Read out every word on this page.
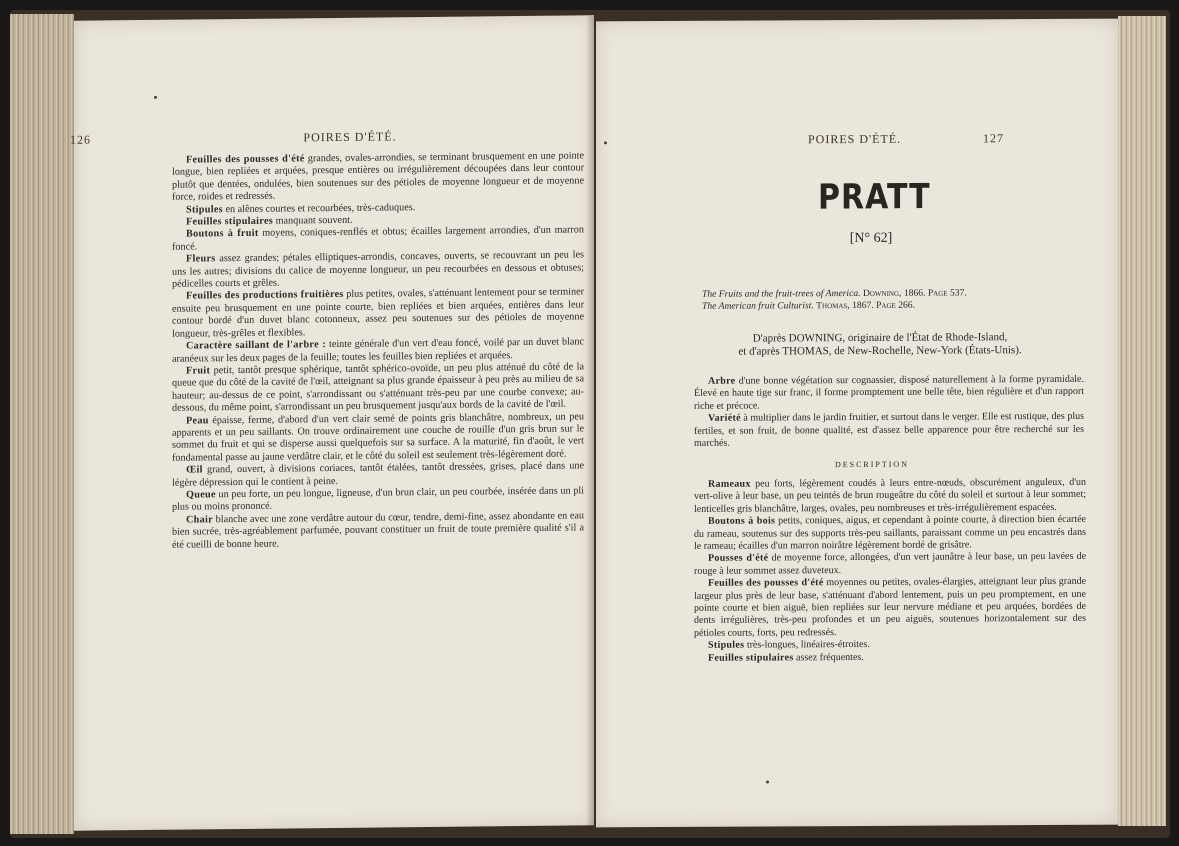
126	POIRES D'ÉTÉ.

Feuilles des pousses d'été grandes, ovales-arrondies, se terminant brusquement en une pointe longue, bien repliées et arquées, presque entières ou irrégulièrement découpées dans leur contour plutôt que dentées, ondulées, bien soutenues sur des pétioles de moyenne longueur et de moyenne force, roides et redressés.

Stipules en alênes courtes et recourbées, très-caduques.

Feuilles stipulaires manquant souvent.

Boutons à fruit moyens, coniques-renflés et obtus; écailles largement arrondies, d'un marron foncé.

Fleurs assez grandes; pétales elliptiques-arrondis, concaves, ouverts, se recouvrant un peu les uns les autres; divisions du calice de moyenne longueur, un peu recourbées en dessous et obtuses; pédicelles courts et grêles.

Feuilles des productions fruitières plus petites, ovales, s'atténuant lentement pour se terminer ensuite peu brusquement en une pointe courte, bien repliées et bien arquées, entières dans leur contour bordé d'un duvet blanc cotonneux, assez peu soutenues sur des pétioles de moyenne longueur, très-grêles et flexibles.

Caractère saillant de l'arbre : teinte générale d'un vert d'eau foncé, voilé par un duvet blanc aranéeux sur les deux pages de la feuille; toutes les feuilles bien repliées et arquées.

Fruit petit, tantôt presque sphérique, tantôt sphérico-ovoïde, un peu plus atténué du côté de la queue que du côté de la cavité de l'œil, atteignant sa plus grande épaisseur à peu près au milieu de sa hauteur; au-dessus de ce point, s'arrondissant ou s'atténuant très-peu par une courbe convexe; au-dessous, du même point, s'arrondissant un peu brusquement jusqu'aux bords de la cavité de l'œil.

Peau épaisse, ferme, d'abord d'un vert clair semé de points gris blanchâtre, nombreux, un peu apparents et un peu saillants. On trouve ordinairement une couche de rouille d'un gris brun sur le sommet du fruit et qui se disperse aussi quelquefois sur sa surface. A la maturité, fin d'août, le vert fondamental passe au jaune verdâtre clair, et le côté du soleil est seulement très-légèrement doré.

Œil grand, ouvert, à divisions coriaces, tantôt étalées, tantôt dressées, grises, placé dans une légère dépression qui le contient à peine.

Queue un peu forte, un peu longue, ligneuse, d'un brun clair, un peu courbée, insérée dans un pli plus ou moins prononcé.

Chair blanche avec une zone verdâtre autour du cœur, tendre, demi-fine, assez abondante en eau bien sucrée, très-agréablement parfumée, pouvant constituer un fruit de toute première qualité s'il a été cueilli de bonne heure.

POIRES D'ÉTÉ.	127
PRATT
[N° 62]
The Fruits and the fruit-trees of America. Downing, 1866. Page 537.
The American fruit Culturist. Thomas, 1867. Page 266.
D'après DOWNING, originaire de l'État de Rhode-Island,
et d'après THOMAS, de New-Rochelle, New-York (États-Unis).

Arbre d'une bonne végétation sur cognassier, disposé naturellement à la forme pyramidale. Élevé en haute tige sur franc, il forme promptement une belle tête, bien régulière et d'un rapport riche et précoce.

Variété à multiplier dans le jardin fruitier, et surtout dans le verger. Elle est rustique, des plus fertiles, et son fruit, de bonne qualité, est d'assez belle apparence pour être recherché sur les marchés.

DESCRIPTION

Rameaux peu forts, légèrement coudés à leurs entre-nœuds, obscurément anguleux, d'un vert-olive à leur base, un peu teintés de brun rougeâtre du côté du soleil et surtout à leur sommet; lenticelles gris blanchâtre, larges, ovales, peu nombreuses et très-irrégulièrement espacées.

Boutons à bois petits, coniques, aigus, et cependant à pointe courte, à direction bien écartée du rameau, soutenus sur des supports très-peu saillants, paraissant comme un peu encastrés dans le rameau; écailles d'un marron noirâtre légèrement bordé de grisâtre.

Pousses d'été de moyenne force, allongées, d'un vert jaunâtre à leur base, un peu lavées de rouge à leur sommet assez duveteux.

Feuilles des pousses d'été moyennes ou petites, ovales-élargies, atteignant leur plus grande largeur plus près de leur base, s'atténuant d'abord lentement, puis un peu promptement, en une pointe courte et bien aiguë, bien repliées sur leur nervure médiane et peu arquées, bordées de dents irrégulières, très-peu profondes et un peu aiguës, soutenues horizontalement sur des pétioles courts, forts, peu redressés.

Stipules très-longues, linéaires-étroites.

Feuilles stipulaires assez fréquentes.
